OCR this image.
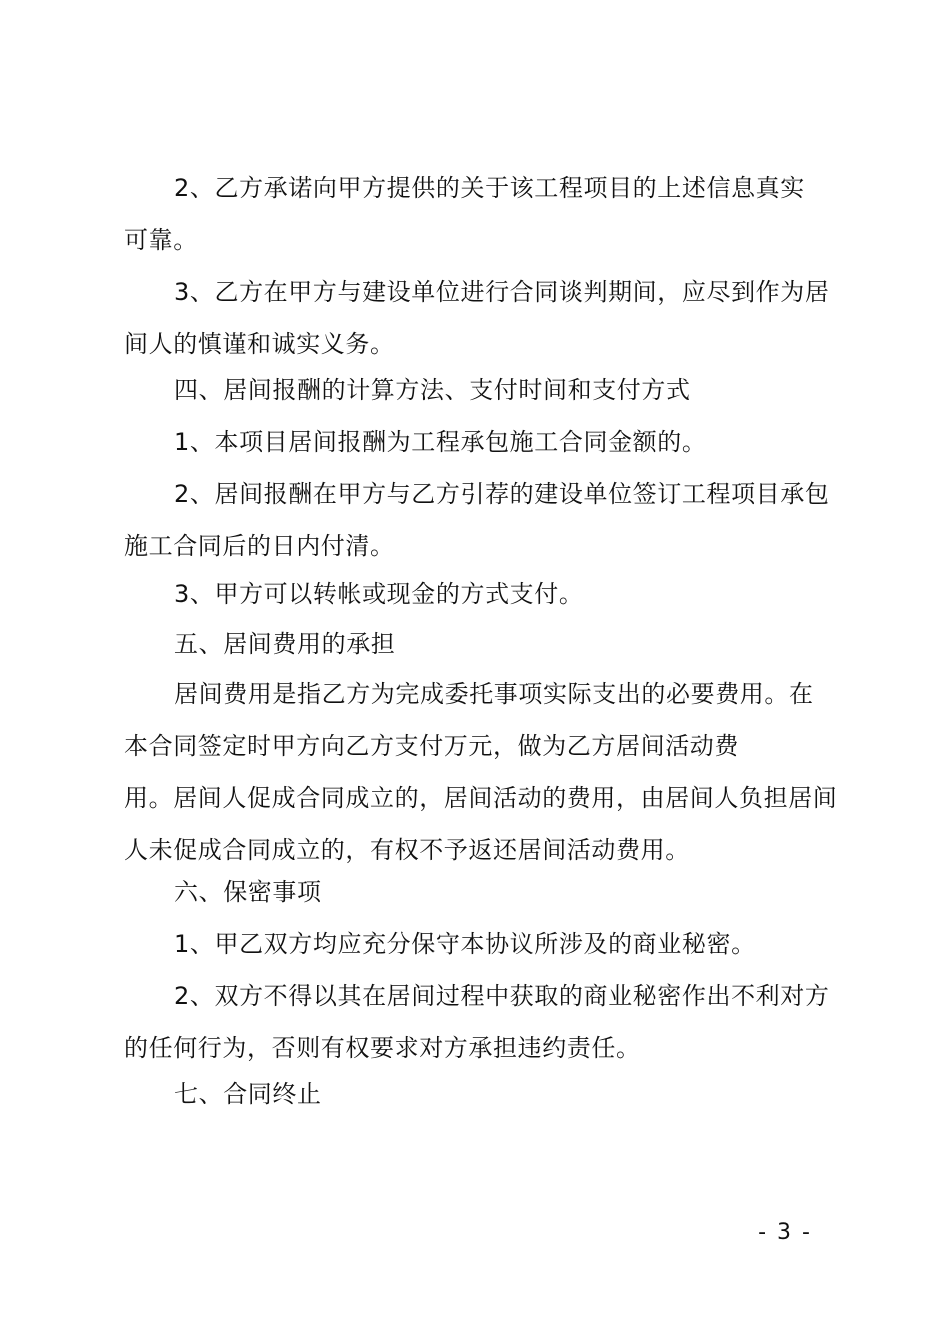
2、乙方承诺向甲方提供的关于该工程项目的上述信息真实
可靠。
3、乙方在甲方与建设单位进行合同谈判期间，应尽到作为居
间人的慎谨和诚实义务。
四、居间报酬的计算方法、支付时间和支付方式
1、本项目居间报酬为工程承包施工合同金额的。
2、居间报酬在甲方与乙方引荐的建设单位签订工程项目承包
施工合同后的日内付清。
3、甲方可以转帐或现金的方式支付。
五、居间费用的承担
居间费用是指乙方为完成委托事项实际支出的必要费用。在
本合同签定时甲方向乙方支付万元，做为乙方居间活动费
用。居间人促成合同成立的，居间活动的费用，由居间人负担居间
人未促成合同成立的，有权不予返还居间活动费用。
六、保密事项
1、甲乙双方均应充分保守本协议所涉及的商业秘密。
2、双方不得以其在居间过程中获取的商业秘密作出不利对方
的任何行为，否则有权要求对方承担违约责任。
七、合同终止
- 3 -
